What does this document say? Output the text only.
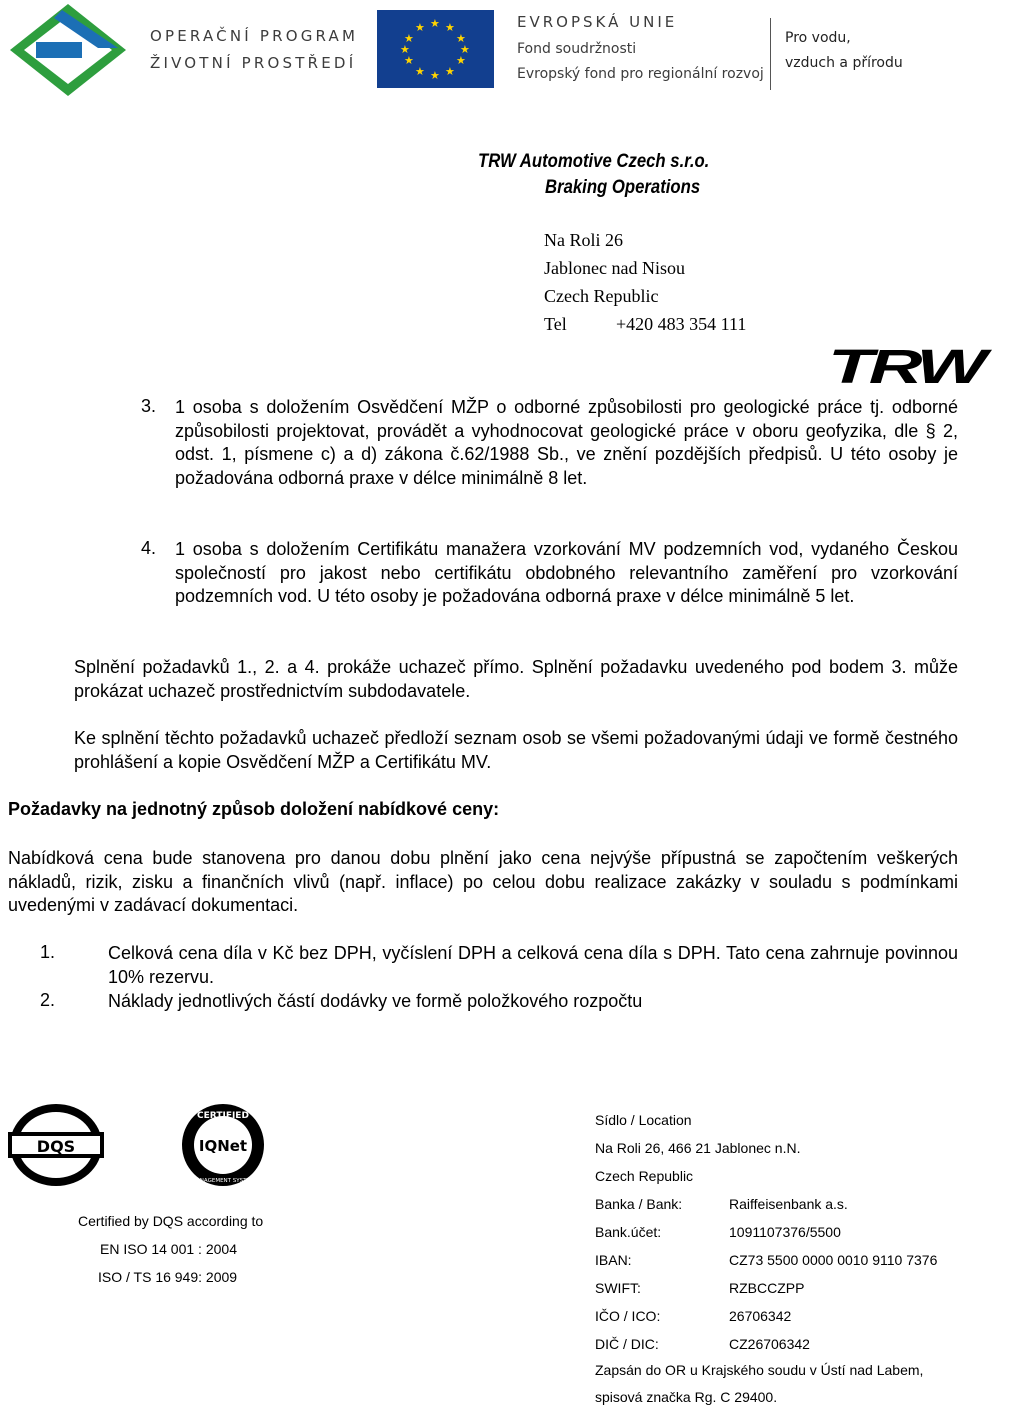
OPERAČNÍ PROGRAM
ŽIVOTNÍ PROSTŘEDÍ
★ ★
★
★
★
★
★
★
★
★
★
★	EVROPSKÁ UNIE
Fond soudržnosti
Evropský fond pro regionální rozvoj
Pro vodu,
vzduch a přírodu
TRW Automotive Czech s.r.o.
Braking Operations
Na Roli 26
Jablonec nad Nisou
Czech Republic
Tel	+420 483 354 111
TRW
3. 1 osoba s doložením Osvědčení MŽP o odborné způsobilosti pro geologické práce tj. odborné způsobilosti projektovat, provádět a vyhodnocovat geologické práce v oboru geofyzika, dle § 2, odst. 1, písmene c) a d) zákona č.62/1988 Sb., ve znění pozdějších předpisů. U této osoby je požadována odborná praxe v délce minimálně 8 let.
4. 1 osoba s doložením Certifikátu manažera vzorkování MV podzemních vod, vydaného Českou společností pro jakost nebo certifikátu obdobného relevantního zaměření pro vzorkování podzemních vod. U této osoby je požadována odborná praxe v délce minimálně 5 let.
Splnění požadavků 1., 2. a 4. prokáže uchazeč přímo. Splnění požadavku uvedeného pod bodem 3. může prokázat uchazeč prostřednictvím subdodavatele.
Ke splnění těchto požadavků uchazeč předloží seznam osob se všemi požadovanými údaji ve formě čestného prohlášení a kopie Osvědčení MŽP a Certifikátu MV.
Požadavky na jednotný způsob doložení nabídkové ceny:
Nabídková cena bude stanovena pro danou dobu plnění jako cena nejvýše přípustná se započtením veškerých nákladů, rizik, zisku a finančních vlivů (např. inflace) po celou dobu realizace zakázky v souladu s podmínkami uvedenými v zadávací dokumentaci.
1.	Celková cena díla v Kč bez DPH, vyčíslení DPH a celková cena díla s DPH. Tato cena zahrnuje povinnou 10% rezervu.
2.	Náklady jednotlivých částí dodávky ve formě položkového rozpočtu
DQS
CERTIFIED
IQNet
MANAGEMENT SYSTEM
Certified by DQS according to
EN ISO 14 001 : 2004
ISO / TS 16 949: 2009
Sídlo / Location
Na Roli 26, 466 21 Jablonec n.N.
Czech Republic
Banka / Bank:	Raiffeisenbank a.s.
Bank.účet:	1091107376/5500
IBAN:	CZ73 5500 0000 0010 9110 7376
SWIFT:	RZBCCZPP
IČO / ICO:	26706342
DIČ / DIC:	CZ26706342
Zapsán do OR u Krajského soudu v Ústí nad Labem,
spisová značka Rg. C 29400.
